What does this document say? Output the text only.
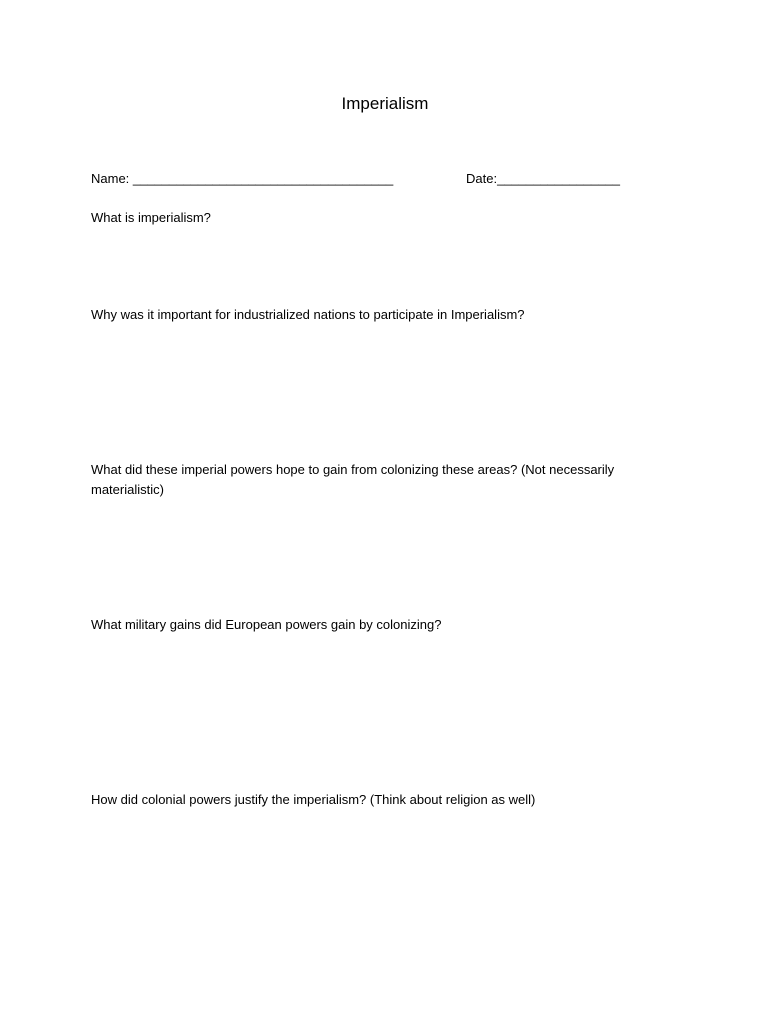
Imperialism
Name: ____________________________________	Date:_________________
What is imperialism?
Why was it important for industrialized nations to participate in Imperialism?
What did these imperial powers hope to gain from colonizing these areas? (Not necessarily materialistic)
What military gains did European powers gain by colonizing?
How did colonial powers justify the imperialism? (Think about religion as well)
